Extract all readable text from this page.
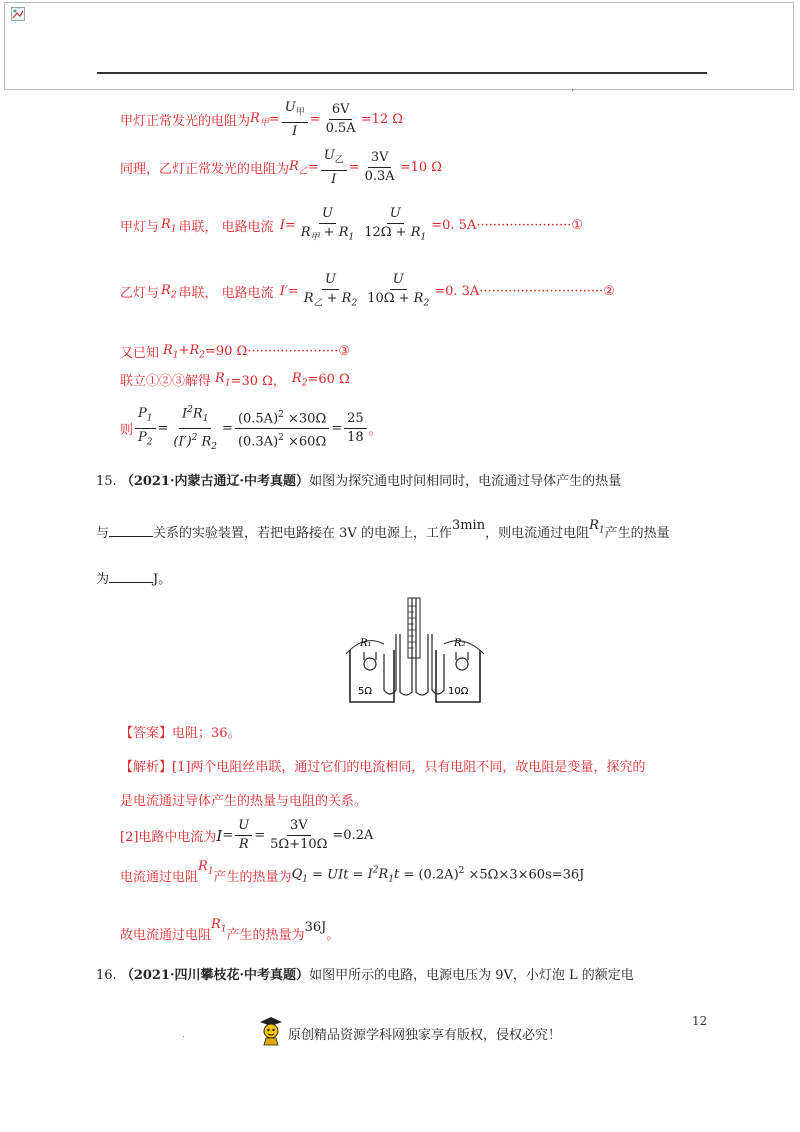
.
甲灯正常发光的电阻为 $R_甲 = \frac{U_甲}{I} = \frac{6V}{0.5A} =12$ Ω
同理，乙灯正常发光的电阻为 $R_乙 = \frac{U_乙}{I} = \frac{3V}{0.3A} =10$ Ω
甲灯与 $R_1$ 串联， 电路电流 $I = \frac{U}{R_甲 + R_1} \frac{U}{12\Omega + R_1} =0$. 5A·······················①
乙灯与 $R_2$ 串联， 电路电流 $I' = \frac{U}{R_乙 + R_2} \frac{U}{10\Omega + R_2} =0$. 3A······························②
又已知 $R_1+R_2 =90$ Ω······················③
联立①②③解得 $R_1 =30$ Ω， $R_2 =60$ Ω
则 $\frac{P_1}{P_2} = \frac{I^2R_1}{(I')^2 R_2} = \frac{(0.5A)^2 \times 30\Omega}{(0.3A)^2 \times 60\Omega} = \frac{25}{18}$ 。
15. （2021·内蒙古通辽·中考真题）如图为探究通电时间相同时，电流通过导体产生的热量
与	关系的实验装置，若把电路接在 3V 的电源上，工作3min，则电流通过电阻$R_1$产生的热量
为	J。
R₁	R₂
5Ω	10Ω
【答案】 电阻；36。
【解析】 [1]两个电阻丝串联，通过它们的电流相同，只有电阻不同，故电阻是变量，探究的
是电流通过导体产生的热量与电阻的关系。
[2]电路中电流为 $I = \frac{U}{R} = \frac{3V}{5\Omega+10\Omega} =0.2A$
电流通过电阻
$R_1$ 产生的热量为 $Q_1$ = UIt = $I^2R_1t = (0.2A)^2 \times 5\Omega\times 3\times 60s=36J$
故电流通过电阻
$R_1$ 产生的热量为
36J
。
16. （2021·四川攀枝花·中考真题）如图甲所示的电路，电源电压为 9V，小灯泡 L 的额定电
12
.	原创精品资源学科网独家享有版权，侵权必究！
